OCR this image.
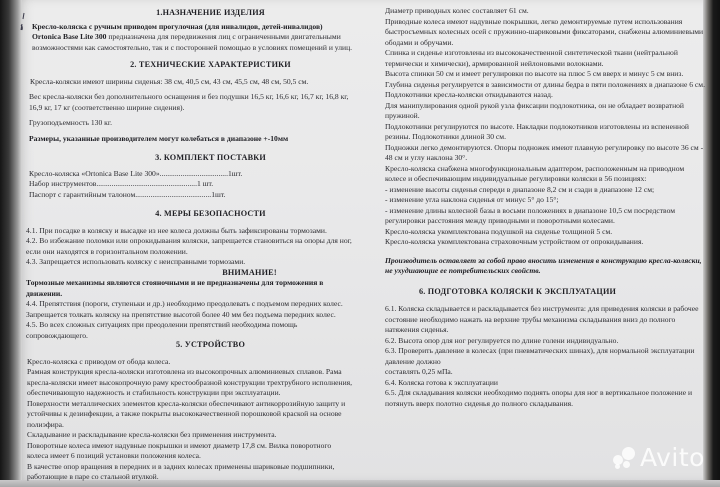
1.НАЗНАЧЕНИЕ ИЗДЕЛИЯ

Кресло-коляска с ручным приводом прогулочная (для инвалидов, детей-инвалидов)
Ortonica Base Lite 300 предназначена для передвижения лиц с ограниченными двигательными возможностями как самостоятельно, так и с посторонней помощью в условиях помещений и улиц.

2. ТЕХНИЧЕСКИЕ ХАРАКТЕРИСТИКИ

Кресла-коляски имеют ширины сиденья: 38 см, 40,5 см, 43 см, 45,5 см, 48 см, 50,5 см.

Вес кресла-коляски без дополнительного оснащения и без подушки 16,5 кг, 16,6 кг, 16,7 кг, 16,8 кг, 16,9 кг, 17 кг (соответственно ширине сидения).

Грузоподъемность 130 кг.

Размеры, указанные производителем могут колебаться в диапазоне +-10мм

3. КОМПЛЕКТ ПОСТАВКИ
Кресло-коляска «Ortonica Base Lite 300»....................................1шт.
Набор инструментов.....................................................1 шт.
Паспорт с гарантийным талоном........................................1шт.
4. МЕРЫ БЕЗОПАСНОСТИ

4.1. При посадке в коляску и высадке из нее колеса должны быть зафиксированы тормозами.

4.2. Во избежание поломки или опрокидывания коляски, запрещается становиться на опоры для ног, если они находятся в горизонтальном положении.

4.3. Запрещается использовать коляску с неисправными тормозами.

ВНИМАНИЕ!

Тормозные механизмы являются стояночными и не предназначены для торможения в движении.

4.4. Препятствия (пороги, ступеньки и др.) необходимо преодолевать с подъемом передних колес. Запрещается толкать коляску на препятствие высотой более 40 мм без подъема передних колес.

4.5. Во всех сложных ситуациях при преодолении препятствий необходима помощь сопровождающего.

5. УСТРОЙСТВО

Кресло-коляска с приводом от обода колеса.

Рамная конструкция кресла-коляски изготовлена из высокопрочных алюминиевых сплавов. Рама кресла-коляски имеет высокопрочную раму крестообразной конструкции трехтрубного исполнения, обеспечивающую надежность и стабильность конструкции при эксплуатации.

Поверхности металлических элементов кресла-коляски обеспечивают антикоррозийную защиту и устойчивы к дезинфекции, а также покрыты высококачественной порошковой краской на основе полиэфира.

Складывание и раскладывание кресла-коляски без применения инструмента.

Поворотные колеса имеют надувные покрышки и имеют диаметр 17,8 см. Вилка поворотного колеса имеет 6 позиций установки положения колеса.

В качестве опор вращения в передних и в задних колесах применены шариковые подшипники, работающие в паре со стальной втулкой.

Диаметр приводных колес составляет 61 см.

Приводные колеса имеют надувные покрышки, легко демонтируемые путем использования быстросъемных колесных осей с пружинно-шариковыми фиксаторами, снабжены алюминиевыми ободами и обручами.

Спинка и сиденье изготовлены из высококачественной синтетической ткани (нейтральной термически и химически), армированной нейлоновыми волокнами.

Высота спинки 50 см и имеет регулировки по высоте на плюс 5 см вверх и минус 5 см вниз.

Глубина сиденья регулируется в зависимости от длины бедра в пяти положениях в диапазоне 6 см.

Подлокотники кресла-коляски откидываются назад.

Для манипулирования одной рукой узла фиксации подлокотника, он не обладает возвратной пружиной.

Подлокотники регулируются по высоте. Накладки подлокотников изготовлены из вспененной резины. Подлокотники длиной 30 см.

Подножки легко демонтируются. Опоры подножек имеют плавную регулировку по высоте 36 см - 48 см и углу наклона 30°.

Кресло-коляска снабжена многофункциональным адаптером, расположенным на приводном колесе и обеспечивающим индивидуальные регулировки коляски в 56 позициях:

- изменение высоты сиденья спереди в диапазоне 8,2 см и сзади в диапазоне 12 см;

- изменение угла наклона сиденья от минус 5° до 15°;

- изменение длины колесной базы в восьми положениях в диапазоне 10,5 см посредством регулировки расстояния между приводными и поворотными колесами.

Кресло-коляска укомплектована подушкой на сиденье толщиной 5 см.

Кресло-коляска укомплектована страховочным устройством от опрокидывания.

Производитель оставляет за собой право вносить изменения в конструкцию кресла-коляски, не ухудшающие ее потребительских свойств.

6. ПОДГОТОВКА КОЛЯСКИ К ЭКСПЛУАТАЦИИ

6.1. Коляска складывается и раскладывается без инструмента: для приведения коляски в рабочее состояние необходимо нажать на верхние трубы механизма складывания вниз до полного натяжения сиденья.

6.2. Высота опор для ног регулируется по длине голени индивидуально.

6.3. Проверить давление в колесах (при пневматических шинах), для нормальной эксплуатации давление должно

составлять 0,25 мПа.

6.4. Коляска готова к эксплуатации

6.5. Для складывания коляски необходимо поднять опоры для ног в вертикальное положение и потянуть вверх полотно сиденья до полного складывания.

Avito
